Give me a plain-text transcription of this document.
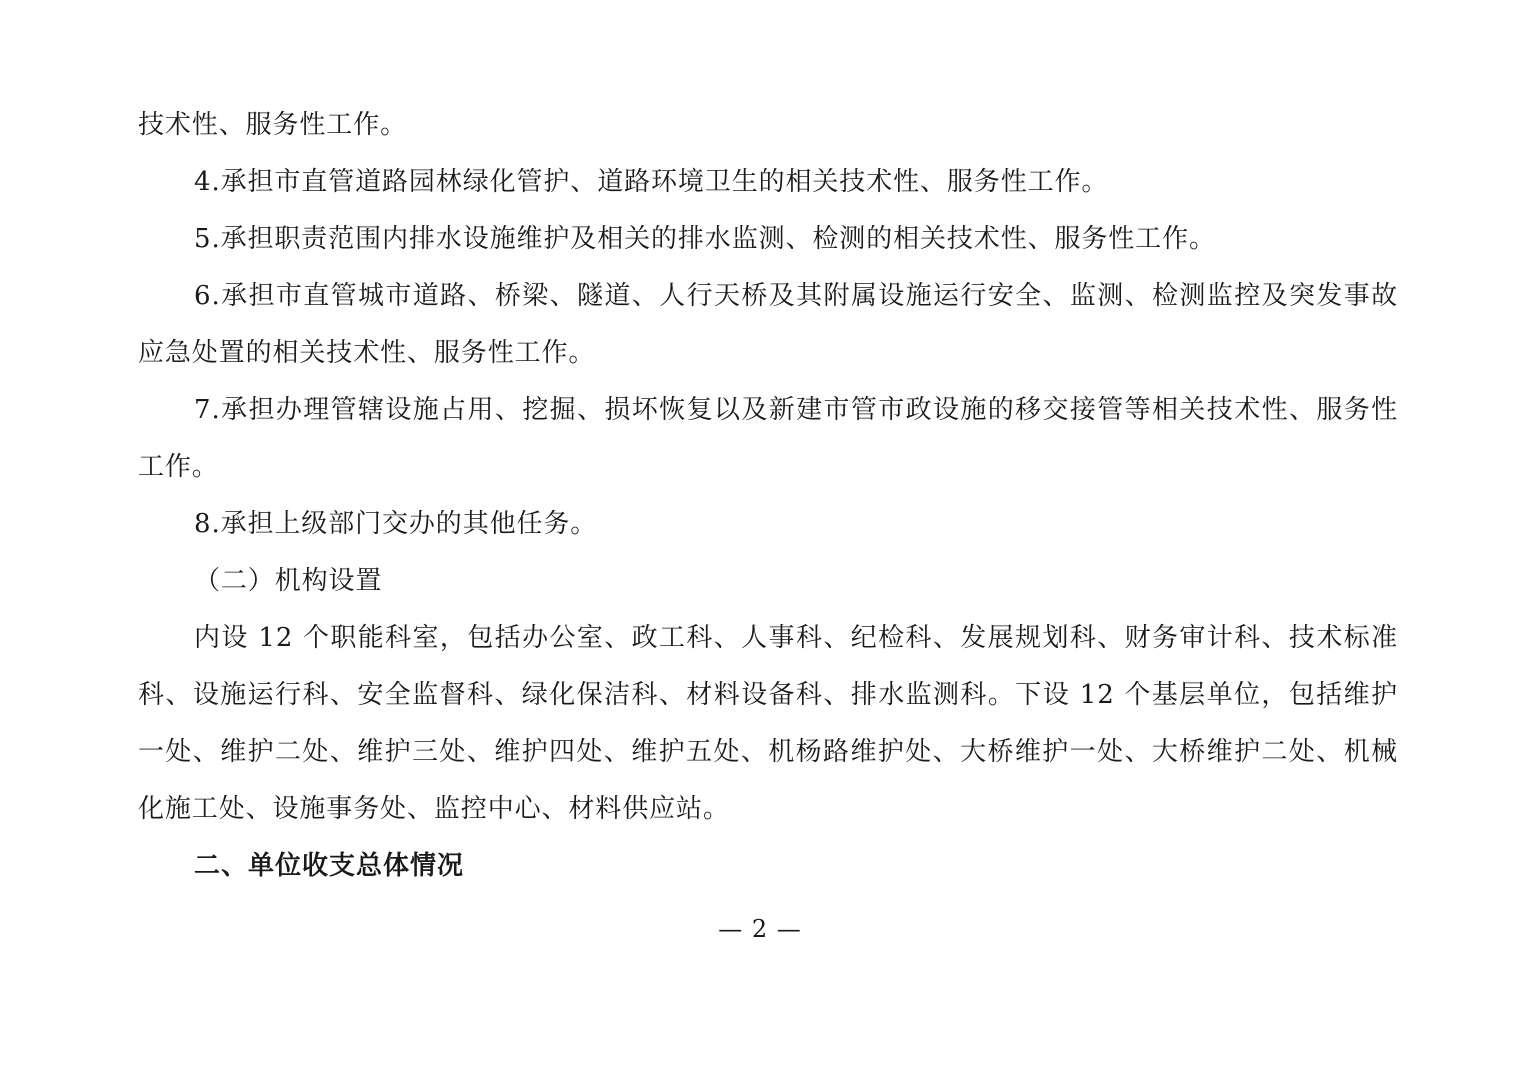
技术性、服务性工作。

4.承担市直管道路园林绿化管护、道路环境卫生的相关技术性、服务性工作。

5.承担职责范围内排水设施维护及相关的排水监测、检测的相关技术性、服务性工作。

6.承担市直管城市道路、桥梁、隧道、人行天桥及其附属设施运行安全、监测、检测监控及突发事故应急处置的相关技术性、服务性工作。

7.承担办理管辖设施占用、挖掘、损坏恢复以及新建市管市政设施的移交接管等相关技术性、服务性工作。

8.承担上级部门交办的其他任务。

（二）机构设置

内设 12 个职能科室，包括办公室、政工科、人事科、纪检科、发展规划科、财务审计科、技术标准科、设施运行科、安全监督科、绿化保洁科、材料设备科、排水监测科。下设 12 个基层单位，包括维护一处、维护二处、维护三处、维护四处、维护五处、机杨路维护处、大桥维护一处、大桥维护二处、机械化施工处、设施事务处、监控中心、材料供应站。

二、单位收支总体情况

— 2 —
